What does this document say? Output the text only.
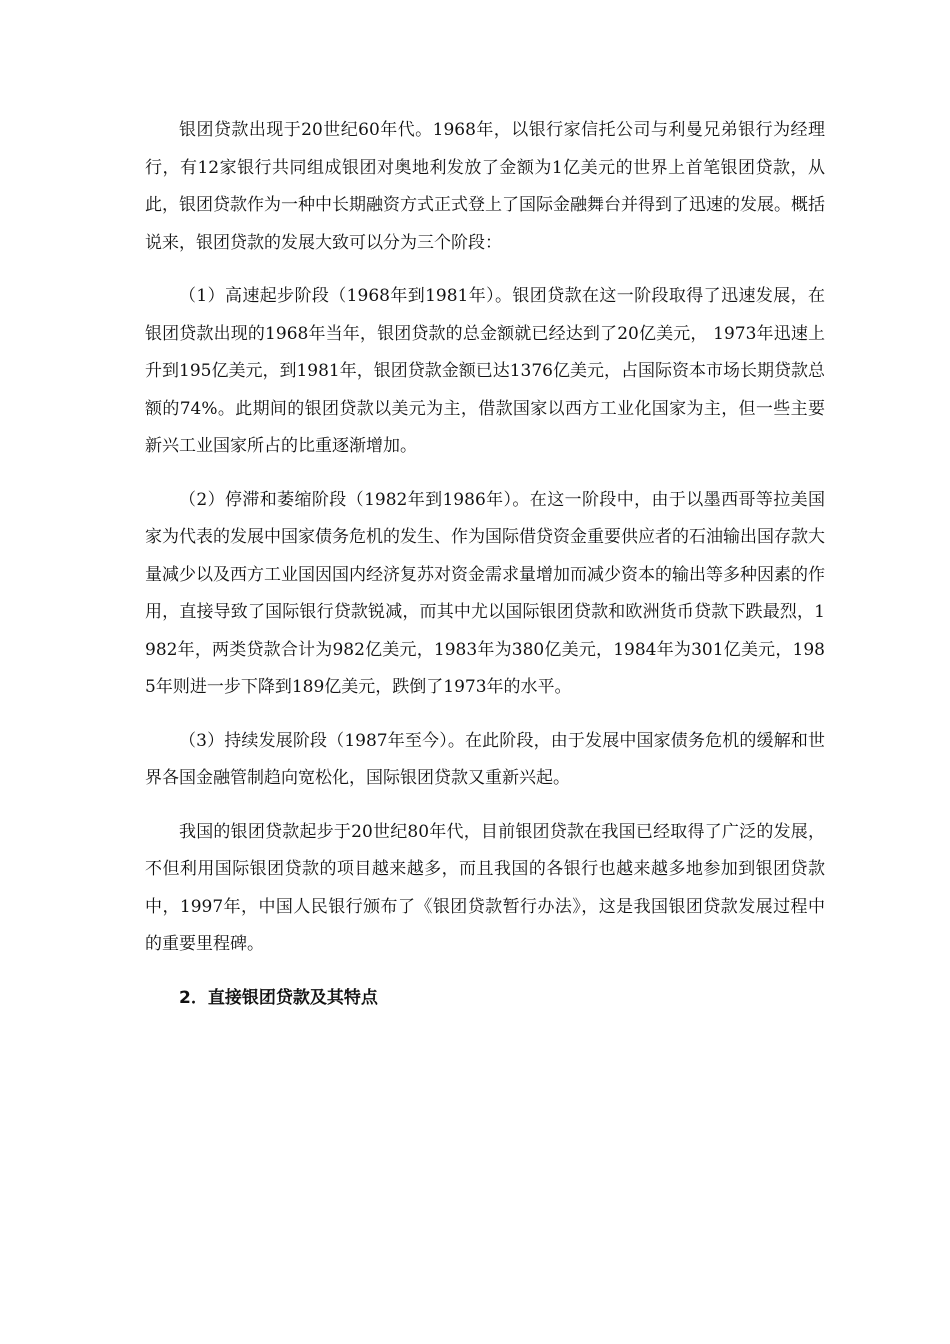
银团贷款出现于20世纪60年代。1968年，以银行家信托公司与利曼兄弟银行为经理行，有12家银行共同组成银团对奥地利发放了金额为1亿美元的世界上首笔银团贷款，从此，银团贷款作为一种中长期融资方式正式登上了国际金融舞台并得到了迅速的发展。概括说来，银团贷款的发展大致可以分为三个阶段：

（1）高速起步阶段（1968年到1981年）。银团贷款在这一阶段取得了迅速发展，在银团贷款出现的1968年当年，银团贷款的总金额就已经达到了20亿美元， 1973年迅速上升到195亿美元，到1981年，银团贷款金额已达1376亿美元，占国际资本市场长期贷款总额的74%。此期间的银团贷款以美元为主，借款国家以西方工业化国家为主，但一些主要新兴工业国家所占的比重逐渐增加。

（2）停滞和萎缩阶段（1982年到1986年）。在这一阶段中，由于以墨西哥等拉美国家为代表的发展中国家债务危机的发生、作为国际借贷资金重要供应者的石油输出国存款大量减少以及西方工业国因国内经济复苏对资金需求量增加而减少资本的输出等多种因素的作用，直接导致了国际银行贷款锐减，而其中尤以国际银团贷款和欧洲货币贷款下跌最烈，1982年，两类贷款合计为982亿美元，1983年为380亿美元，1984年为301亿美元，1985年则进一步下降到189亿美元，跌倒了1973年的水平。

（3）持续发展阶段（1987年至今）。在此阶段，由于发展中国家债务危机的缓解和世界各国金融管制趋向宽松化，国际银团贷款又重新兴起。

我国的银团贷款起步于20世纪80年代，目前银团贷款在我国已经取得了广泛的发展，不但利用国际银团贷款的项目越来越多，而且我国的各银行也越来越多地参加到银团贷款中，1997年，中国人民银行颁布了《银团贷款暂行办法》，这是我国银团贷款发展过程中的重要里程碑。

2．直接银团贷款及其特点
